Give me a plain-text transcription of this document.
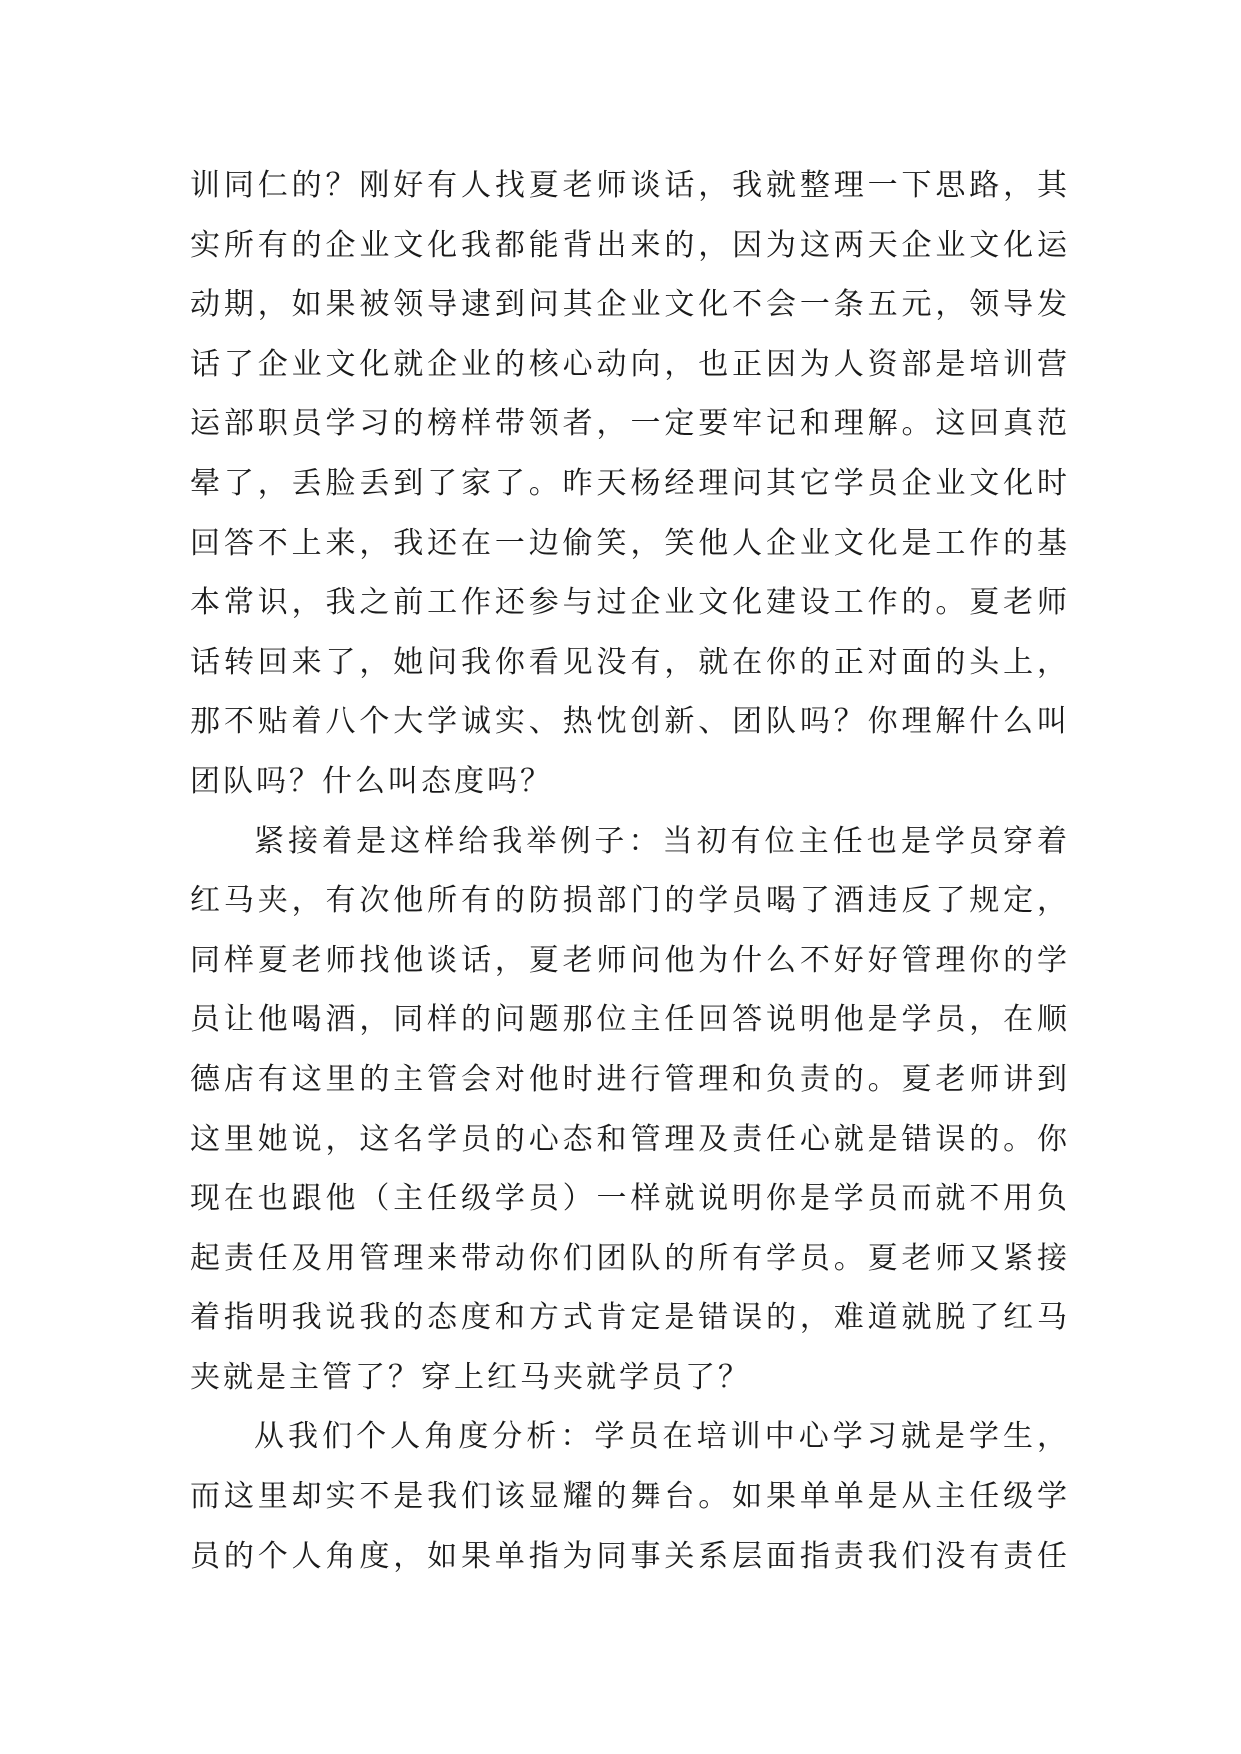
训同仁的？刚好有人找夏老师谈话，我就整理一下思路，其
实所有的企业文化我都能背出来的，因为这两天企业文化运
动期，如果被领导逮到问其企业文化不会一条五元，领导发
话了企业文化就企业的核心动向，也正因为人资部是培训营
运部职员学习的榜样带领者，一定要牢记和理解。这回真范
晕了，丢脸丢到了家了。昨天杨经理问其它学员企业文化时
回答不上来，我还在一边偷笑，笑他人企业文化是工作的基
本常识，我之前工作还参与过企业文化建设工作的。夏老师
话转回来了，她问我你看见没有，就在你的正对面的头上，
那不贴着八个大学诚实、热忱创新、团队吗？你理解什么叫
团队吗？什么叫态度吗？
紧接着是这样给我举例子：当初有位主任也是学员穿着
红马夹，有次他所有的防损部门的学员喝了酒违反了规定，
同样夏老师找他谈话，夏老师问他为什么不好好管理你的学
员让他喝酒，同样的问题那位主任回答说明他是学员，在顺
德店有这里的主管会对他时进行管理和负责的。夏老师讲到
这里她说，这名学员的心态和管理及责任心就是错误的。你
现在也跟他（主任级学员）一样就说明你是学员而就不用负
起责任及用管理来带动你们团队的所有学员。夏老师又紧接
着指明我说我的态度和方式肯定是错误的，难道就脱了红马
夹就是主管了？穿上红马夹就学员了？
从我们个人角度分析：学员在培训中心学习就是学生，
而这里却实不是我们该显耀的舞台。如果单单是从主任级学
员的个人角度，如果单指为同事关系层面指责我们没有责任
